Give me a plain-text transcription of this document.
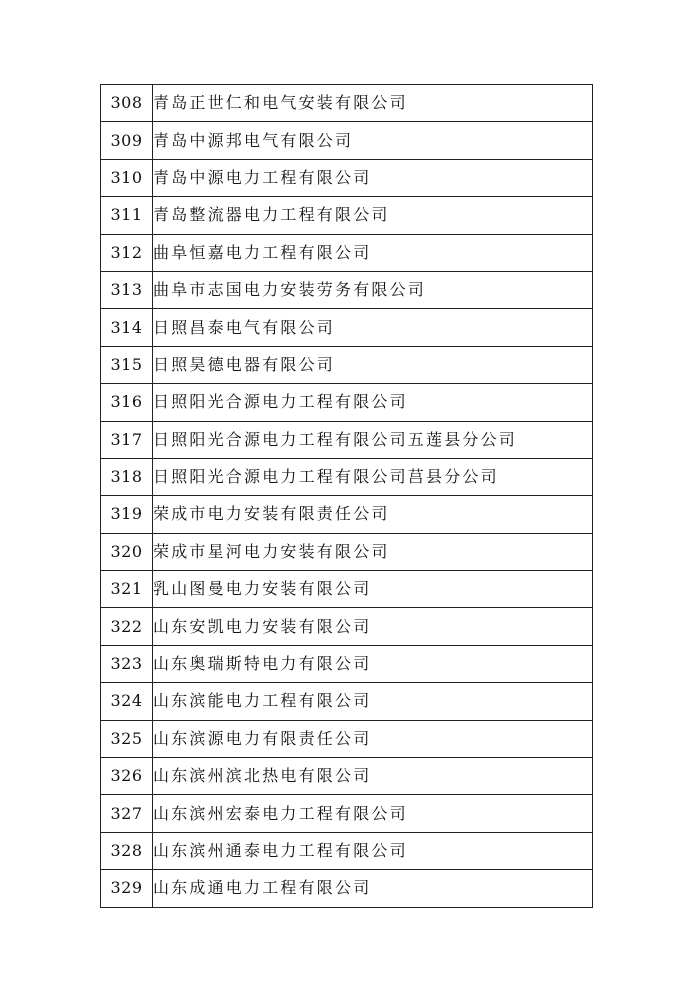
308	青岛正世仁和电气安装有限公司
309	青岛中源邦电气有限公司
310	青岛中源电力工程有限公司
311	青岛整流器电力工程有限公司
312	曲阜恒嘉电力工程有限公司
313	曲阜市志国电力安装劳务有限公司
314	日照昌泰电气有限公司
315	日照昊德电器有限公司
316	日照阳光合源电力工程有限公司
317	日照阳光合源电力工程有限公司五莲县分公司
318	日照阳光合源电力工程有限公司莒县分公司
319	荣成市电力安装有限责任公司
320	荣成市星河电力安装有限公司
321	乳山图曼电力安装有限公司
322	山东安凯电力安装有限公司
323	山东奥瑞斯特电力有限公司
324	山东滨能电力工程有限公司
325	山东滨源电力有限责任公司
326	山东滨州滨北热电有限公司
327	山东滨州宏泰电力工程有限公司
328	山东滨州通泰电力工程有限公司
329	山东成通电力工程有限公司
